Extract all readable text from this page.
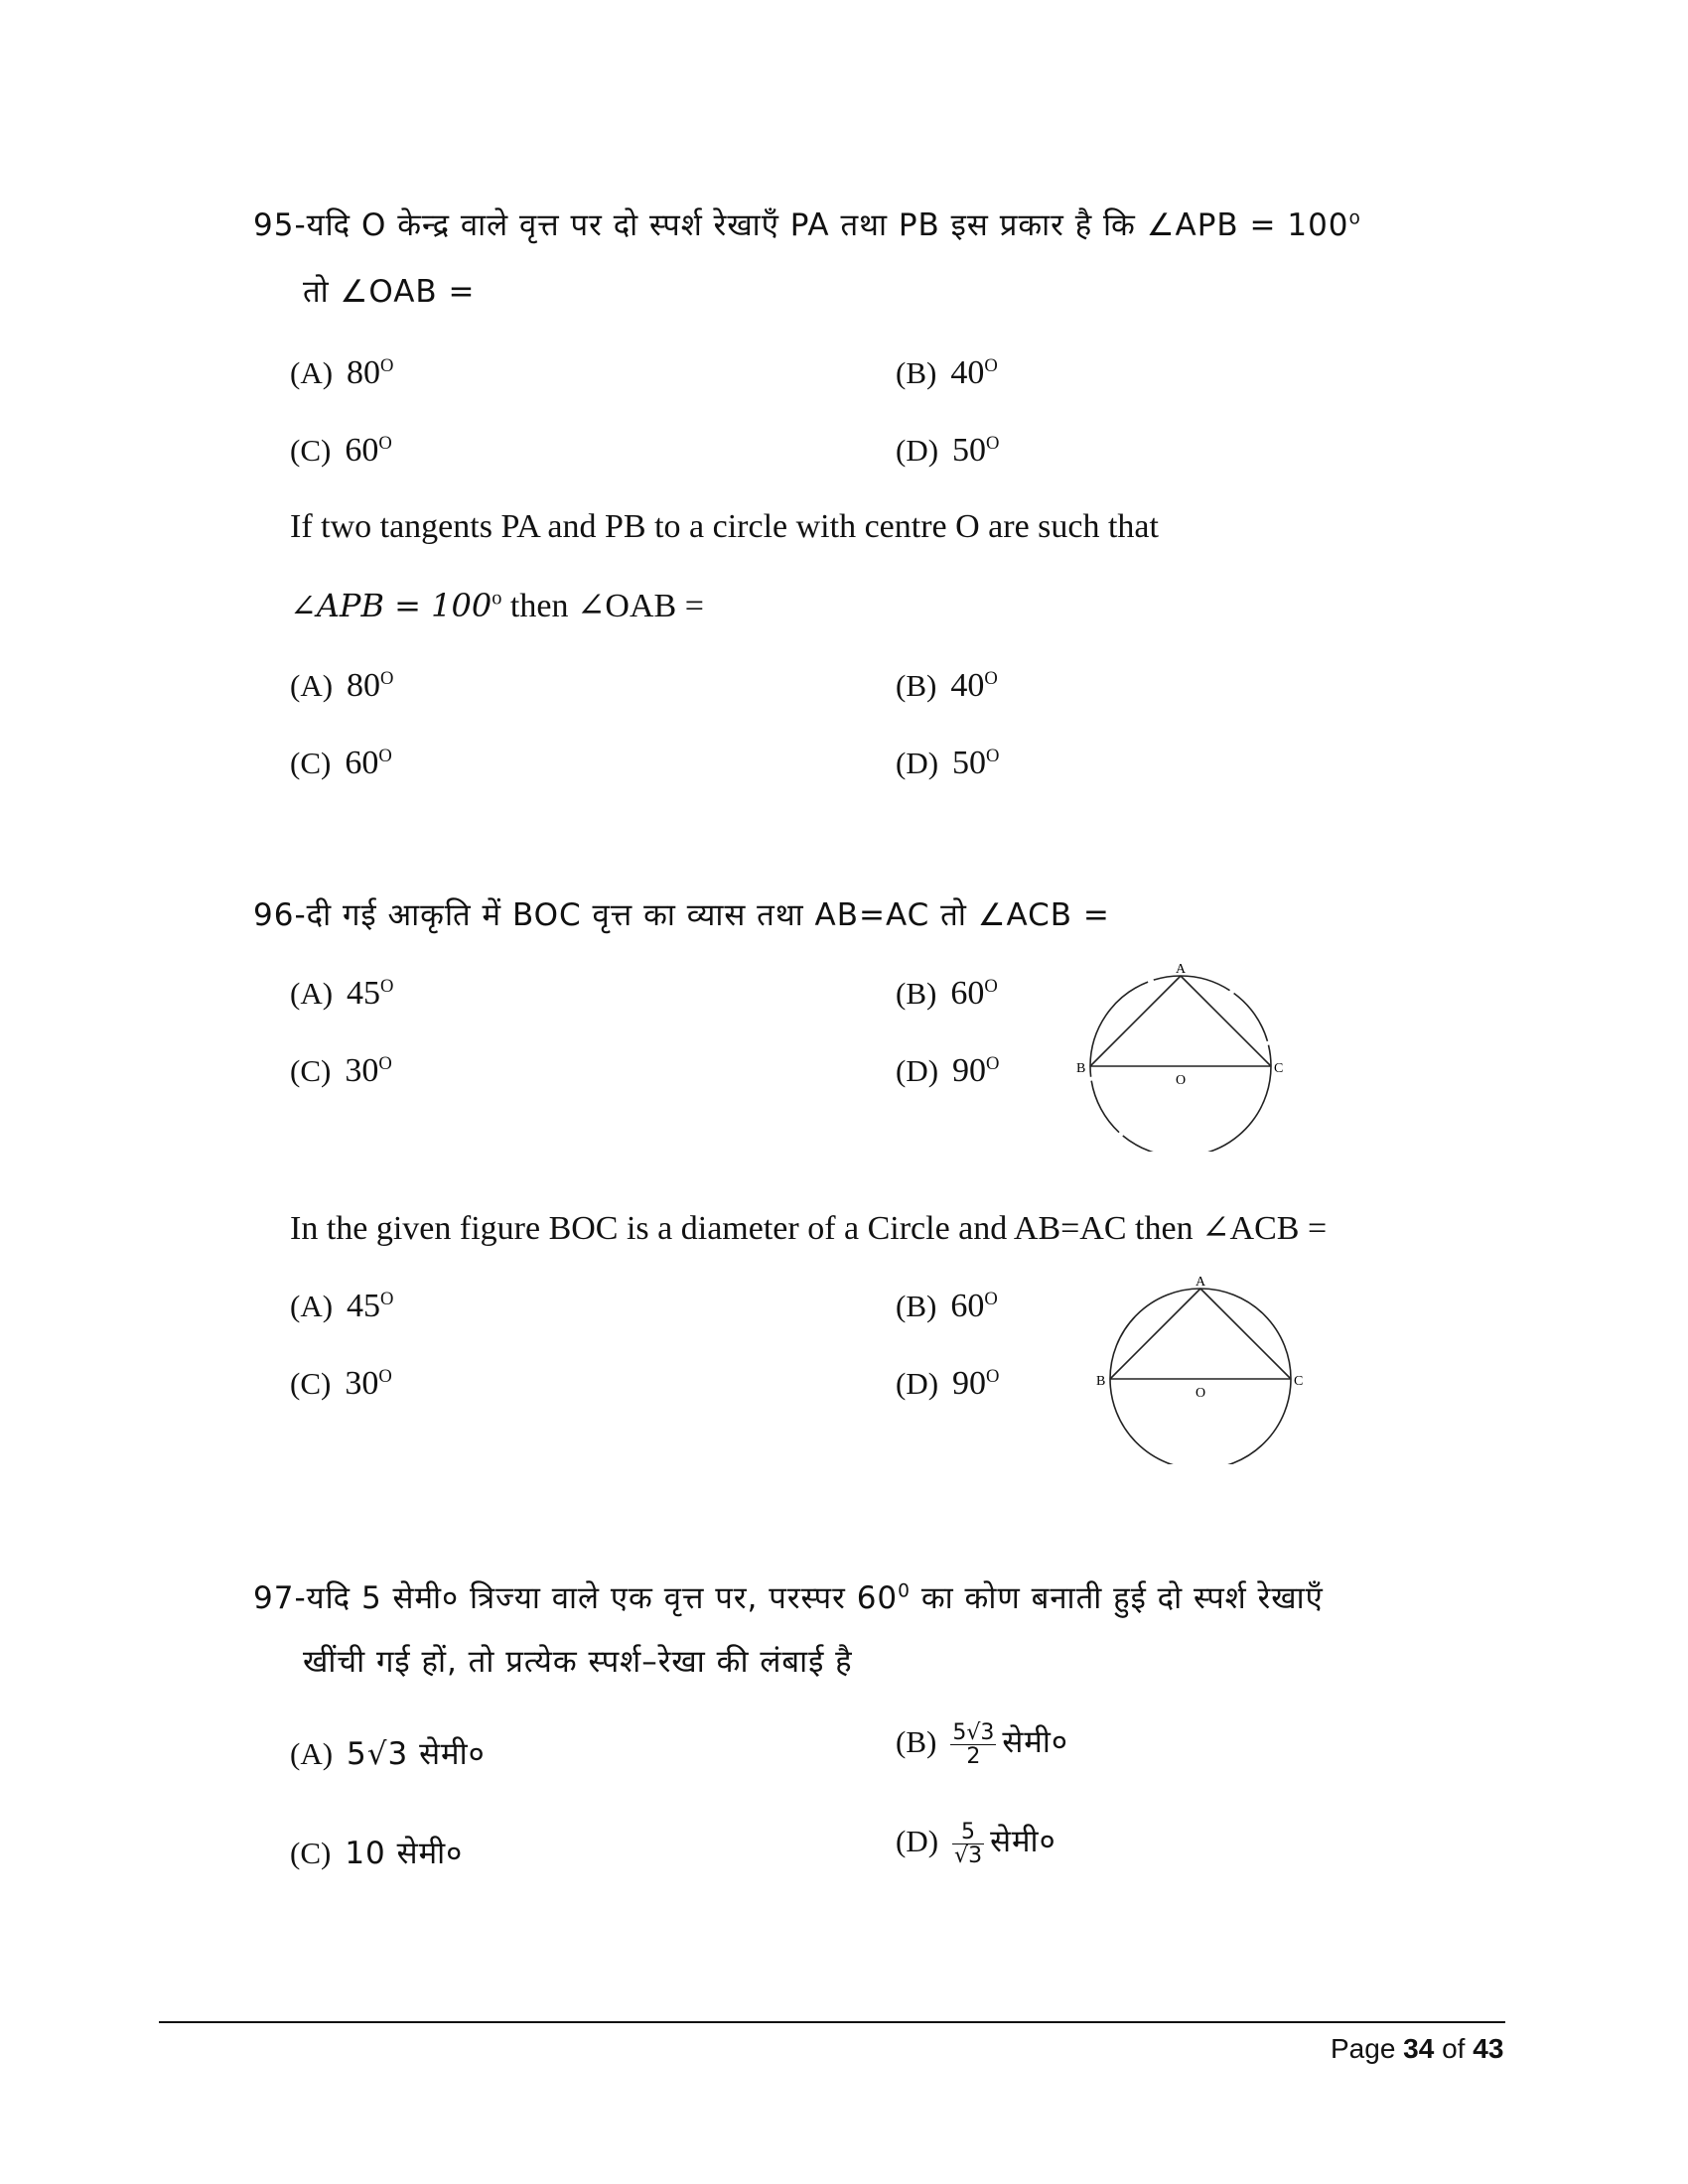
95-यदि O केन्द्र वाले वृत्त पर दो स्पर्श रेखाएँ PA तथा PB इस प्रकार है कि ∠APB = $100^o$
तो ∠OAB =
(A) $80^O$	(B) $40^O$
(C) $60^O$	(D) $50^O$
If two tangents PA and PB to a circle with centre O are such that
∠APB = $100^o$ then ∠OAB =
(A) $80^O$	(B) $40^O$
(C) $60^O$	(D) $50^O$
96-दी गई आकृति में BOC वृत्त का व्यास तथा AB=AC तो ∠ACB =
(A) $45^O$	(B) $60^O$
(C) $30^O$	(D) $90^O$
A
B
O
C
In the given figure BOC is a diameter of a Circle and AB=AC then ∠ACB =
(A) $45^O$	(B) $60^O$
(C) $30^O$	(D) $90^O$
A
B
O
C
97-यदि 5 सेमी० त्रिज्या वाले एक वृत्त पर, परस्पर $60^0$ का कोण बनाती हुई दो स्पर्श रेखाएँ
खींची गई हों, तो प्रत्येक स्पर्श–रेखा की लंबाई है
(A) 5√3 सेमी०	$(B) \frac{5√3}{2}$ सेमी०
(C) 10 सेमी०	$(D) \frac{5}{√3}$ सेमी०
Page 34 of 43
